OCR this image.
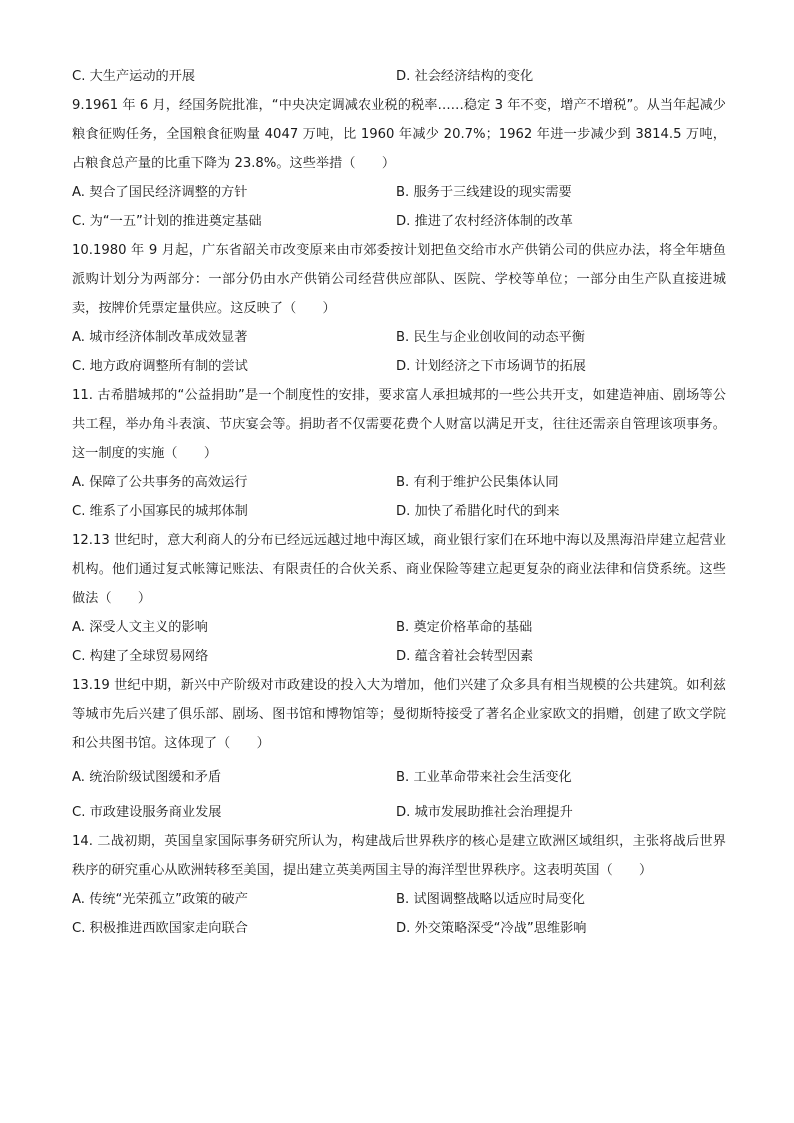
C. 大生产运动的开展	D. 社会经济结构的变化

9.1961 年 6 月，经国务院批准，“中央决定调减农业税的税率……稳定 3 年不变，增产不增税”。从当年起减少粮食征购任务，全国粮食征购量 4047 万吨，比 1960 年减少 20.7%；1962 年进一步减少到 3814.5 万吨，占粮食总产量的比重下降为 23.8%。这些举措（　　）

A. 契合了国民经济调整的方针	B. 服务于三线建设的现实需要
C. 为“一五”计划的推进奠定基础	D. 推进了农村经济体制的改革

10.1980 年 9 月起，广东省韶关市改变原来由市郊委按计划把鱼交给市水产供销公司的供应办法，将全年塘鱼派购计划分为两部分：一部分仍由水产供销公司经营供应部队、医院、学校等单位；一部分由生产队直接进城卖，按牌价凭票定量供应。这反映了（　　）

A. 城市经济体制改革成效显著	B. 民生与企业创收间的动态平衡
C. 地方政府调整所有制的尝试	D. 计划经济之下市场调节的拓展

11. 古希腊城邦的“公益捐助”是一个制度性的安排，要求富人承担城邦的一些公共开支，如建造神庙、剧场等公共工程，举办角斗表演、节庆宴会等。捐助者不仅需要花费个人财富以满足开支，往往还需亲自管理该项事务。这一制度的实施（　　）

A. 保障了公共事务的高效运行	B. 有利于维护公民集体认同
C. 维系了小国寡民的城邦体制	D. 加快了希腊化时代的到来

12.13 世纪时，意大利商人的分布已经远远越过地中海区域，商业银行家们在环地中海以及黑海沿岸建立起营业机构。他们通过复式帐簿记账法、有限责任的合伙关系、商业保险等建立起更复杂的商业法律和信贷系统。这些做法（　　）

A. 深受人文主义的影响	B. 奠定价格革命的基础
C. 构建了全球贸易网络	D. 蕴含着社会转型因素

13.19 世纪中期，新兴中产阶级对市政建设的投入大为增加，他们兴建了众多具有相当规模的公共建筑。如利兹等城市先后兴建了俱乐部、剧场、图书馆和博物馆等；曼彻斯特接受了著名企业家欧文的捐赠，创建了欧文学院和公共图书馆。这体现了（　　）

A. 统治阶级试图缓和矛盾	B. 工业革命带来社会生活变化
C. 市政建设服务商业发展	D. 城市发展助推社会治理提升

14. 二战初期，英国皇家国际事务研究所认为，构建战后世界秩序的核心是建立欧洲区域组织，主张将战后世界秩序的研究重心从欧洲转移至美国，提出建立英美两国主导的海洋型世界秩序。这表明英国（　　）

A. 传统“光荣孤立”政策的破产	B. 试图调整战略以适应时局变化
C. 积极推进西欧国家走向联合	D. 外交策略深受“冷战”思维影响
